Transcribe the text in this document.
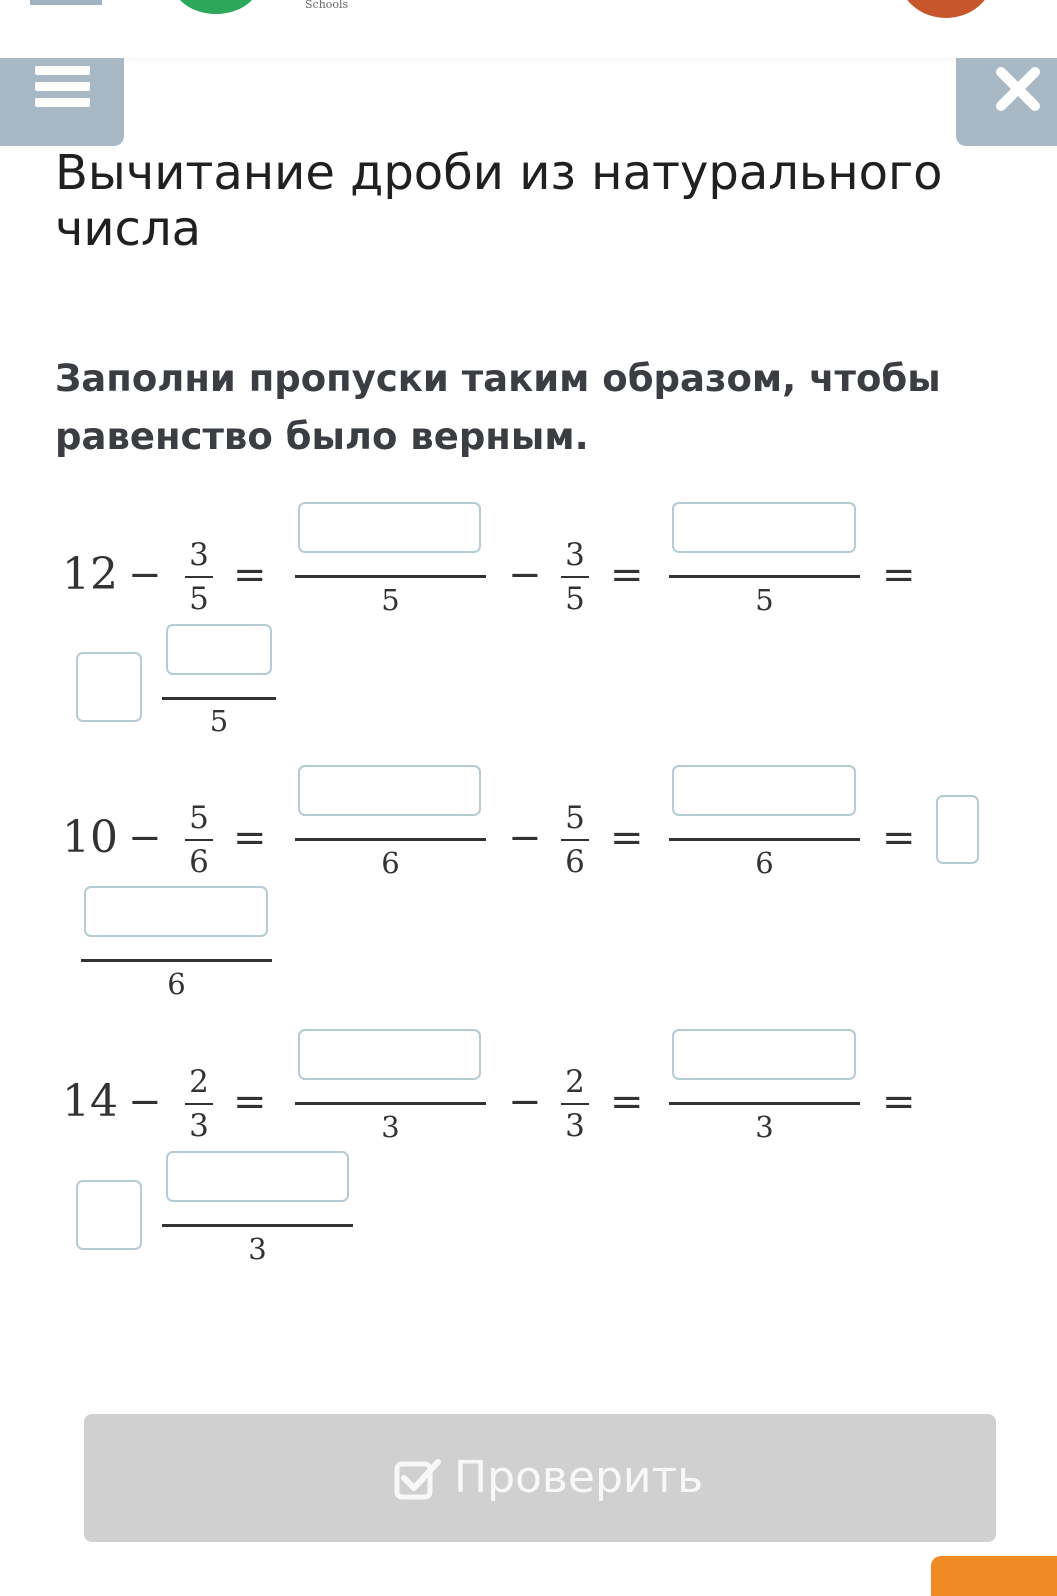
Schools
Вычитание дроби из натурального числа

Заполни пропуски таким образом, чтобы равенство было верным.

12 − 3
5
=
5
− 3
5
=
5
=
5
10 − 5
6
=
6
− 5
6
=
6
=
6
14 − 2
3
=
3
− 2
3
=
3
=
3
Проверить
